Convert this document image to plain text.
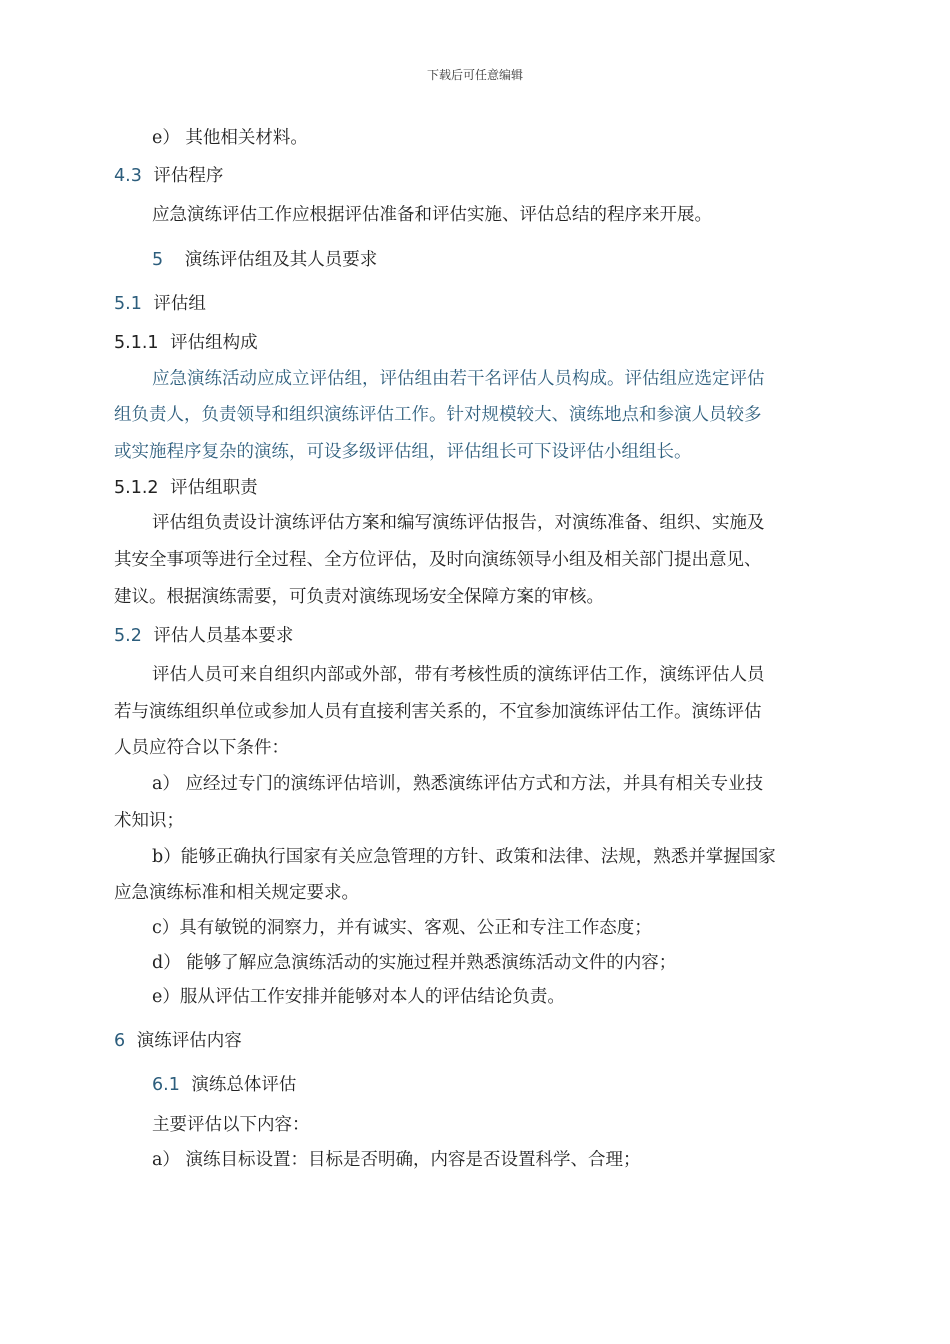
下载后可任意编辑
e） 其他相关材料。
4.3 评估程序
应急演练评估工作应根据评估准备和评估实施、评估总结的程序来开展。
5 演练评估组及其人员要求
5.1 评估组
5.1.1 评估组构成
应急演练活动应成立评估组，评估组由若干名评估人员构成。评估组应选定评估
组负责人，负责领导和组织演练评估工作。针对规模较大、演练地点和参演人员较多
或实施程序复杂的演练，可设多级评估组，评估组长可下设评估小组组长。
5.1.2 评估组职责
评估组负责设计演练评估方案和编写演练评估报告，对演练准备、组织、实施及
其安全事项等进行全过程、全方位评估，及时向演练领导小组及相关部门提出意见、
建议。根据演练需要，可负责对演练现场安全保障方案的审核。
5.2 评估人员基本要求
评估人员可来自组织内部或外部，带有考核性质的演练评估工作，演练评估人员
若与演练组织单位或参加人员有直接利害关系的，不宜参加演练评估工作。演练评估
人员应符合以下条件：
a） 应经过专门的演练评估培训，熟悉演练评估方式和方法，并具有相关专业技
术知识；
b）能够正确执行国家有关应急管理的方针、政策和法律、法规，熟悉并掌握国家
应急演练标准和相关规定要求。
c）具有敏锐的洞察力，并有诚实、客观、公正和专注工作态度；
d） 能够了解应急演练活动的实施过程并熟悉演练活动文件的内容；
e）服从评估工作安排并能够对本人的评估结论负责。
6 演练评估内容
6.1 演练总体评估
主要评估以下内容：
a） 演练目标设置：目标是否明确，内容是否设置科学、合理；
